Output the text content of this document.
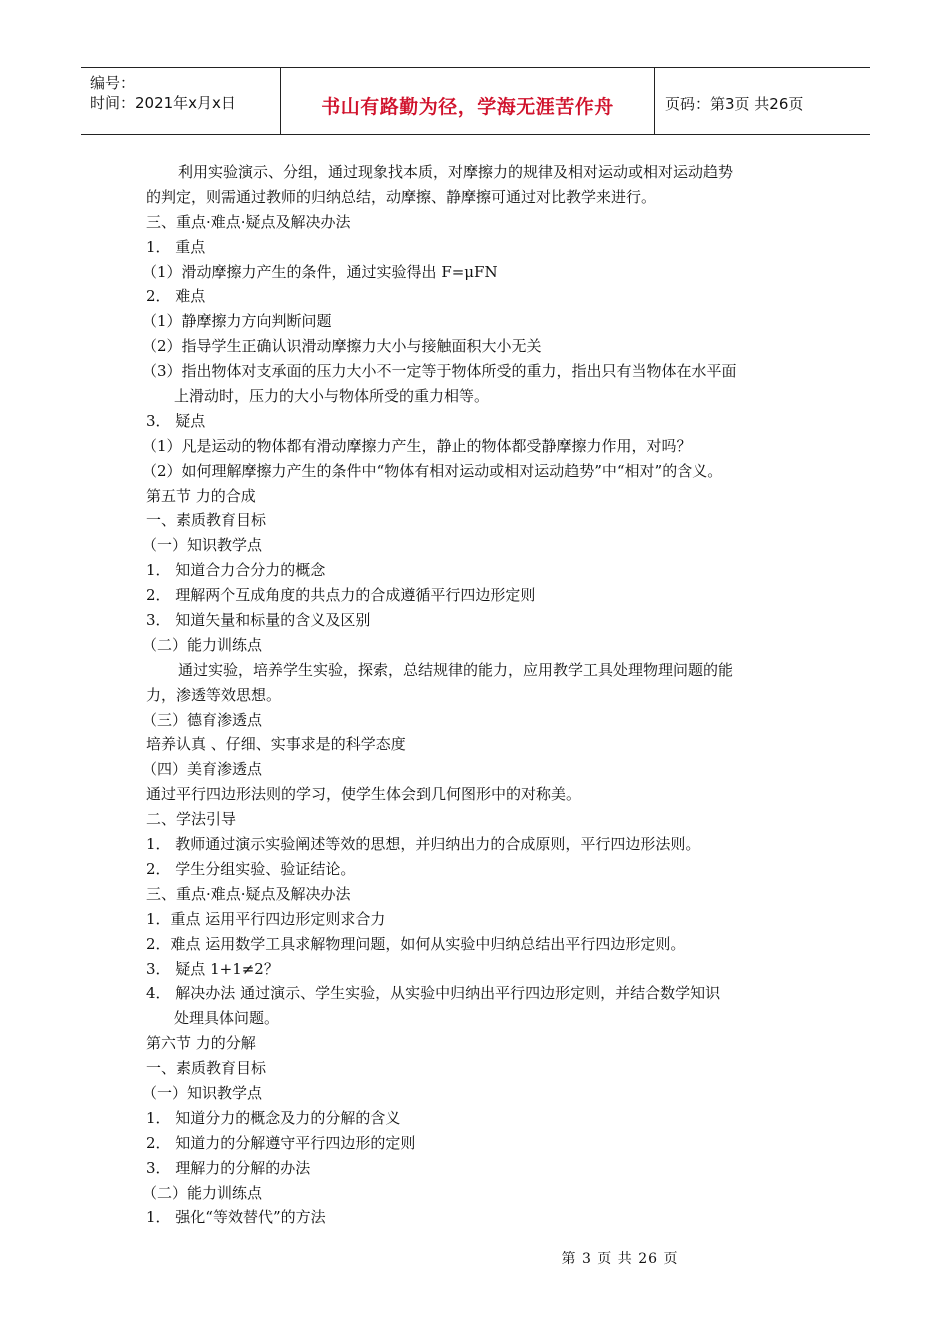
编号：
时间：2021年x月x日	书山有路勤为径，学海无涯苦作舟	页码：第3页 共26页
利用实验演示、分组，通过现象找本质，对摩擦力的规律及相对运动或相对运动趋势
的判定，则需通过教师的归纳总结，动摩擦、静摩擦可通过对比教学来进行。
三、重点·难点·疑点及解决办法
1． 重点
（1）滑动摩擦力产生的条件，通过实验得出 F=μFN
2． 难点
（1）静摩擦力方向判断问题
（2）指导学生正确认识滑动摩擦力大小与接触面积大小无关
（3）指出物体对支承面的压力大小不一定等于物体所受的重力，指出只有当物体在水平面
上滑动时，压力的大小与物体所受的重力相等。
3． 疑点
（1）凡是运动的物体都有滑动摩擦力产生，静止的物体都受静摩擦力作用，对吗？
（2）如何理解摩擦力产生的条件中“物体有相对运动或相对运动趋势”中“相对”的含义。
第五节 力的合成
一、素质教育目标
（一）知识教学点
1． 知道合力合分力的概念
2． 理解两个互成角度的共点力的合成遵循平行四边形定则
3． 知道矢量和标量的含义及区别
（二）能力训练点
通过实验，培养学生实验，探索，总结规律的能力，应用教学工具处理物理问题的能
力，渗透等效思想。
（三）德育渗透点
培养认真 、仔细、实事求是的科学态度
（四）美育渗透点
通过平行四边形法则的学习，使学生体会到几何图形中的对称美。
二、学法引导
1． 教师通过演示实验阐述等效的思想，并归纳出力的合成原则，平行四边形法则。
2． 学生分组实验、验证结论。
三、重点·难点·疑点及解决办法
1．重点 运用平行四边形定则求合力
2．难点 运用数学工具求解物理问题，如何从实验中归纳总结出平行四边形定则。
3． 疑点 1+1≠2？
4． 解决办法 通过演示、学生实验，从实验中归纳出平行四边形定则，并结合数学知识
处理具体问题。
第六节 力的分解
一、素质教育目标
（一）知识教学点
1． 知道分力的概念及力的分解的含义
2． 知道力的分解遵守平行四边形的定则
3． 理解力的分解的办法
（二）能力训练点
1． 强化“等效替代”的方法
第 3 页 共 26 页
